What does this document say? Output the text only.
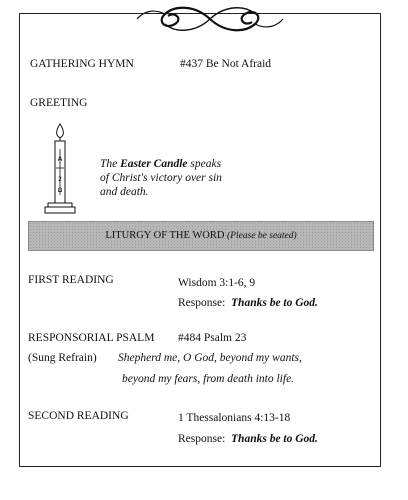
GATHERING HYMN	#437 Be Not Afraid
GREETING
A
2
Ω
The Easter Candle speaks
of Christ's victory over sin
and death.
LITURGY OF THE WORD (Please be seated)
FIRST READING	Wisdom 3:1-6, 9
Response: Thanks be to God.
RESPONSORIAL PSALM #484 Psalm 23
(Sung Refrain) Shepherd me, O God, beyond my wants,
beyond my fears, from death into life.
SECOND READING	1 Thessalonians 4:13-18
Response: Thanks be to God.
